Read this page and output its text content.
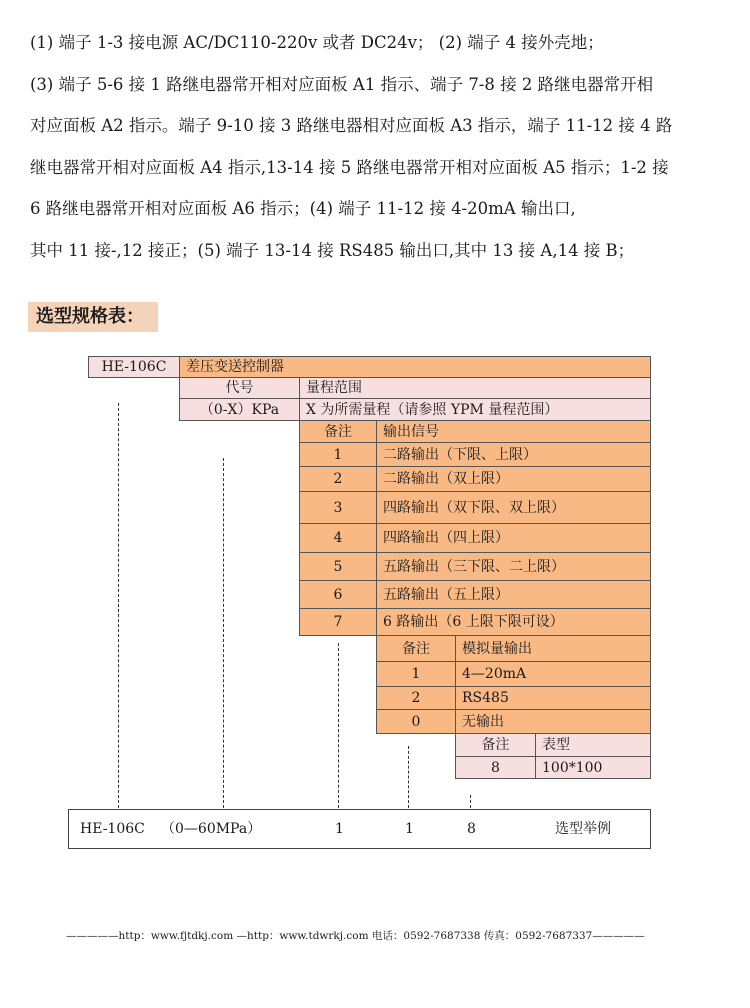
(1) 端子 1-3 接电源 AC/DC110-220v 或者 DC24v； (2) 端子 4 接外壳地；
(3) 端子 5-6 接 1 路继电器常开相对应面板 A1 指示、端子 7-8 接 2 路继电器常开相
对应面板 A2 指示。端子 9-10 接 3 路继电器相对应面板 A3 指示，端子 11-12 接 4 路
继电器常开相对应面板 A4 指示,13-14 接 5 路继电器常开相对应面板 A5 指示；1-2 接
6 路继电器常开相对应面板 A6 指示；(4) 端子 11-12 接 4-20mA 输出口,
其中 11 接-,12 接正；(5) 端子 13-14 接 RS485 输出口,其中 13 接 A,14 接 B；
选型规格表：
HE-106C	差压变送控制器
代号	量程范围
（0-X）KPa	X 为所需量程（请参照 YPM 量程范围）
备注	输出信号
1	二路输出（下限、上限）
2	二路输出（双上限）
3	四路输出（双下限、双上限）
4	四路输出（四上限）
5	五路输出（三下限、二上限）
6	五路输出（五上限）
7	6 路输出（6 上限下限可设）
备注	模拟量输出
1	4—20mA
2	RS485
0	无输出
备注	表型
8	100*100
HE-106C （0—60MPa）	1	1	8	选型举例
—————http：www.fjtdkj.com —http：www.tdwrkj.com 电话：0592-7687338 传真：0592-7687337—————
